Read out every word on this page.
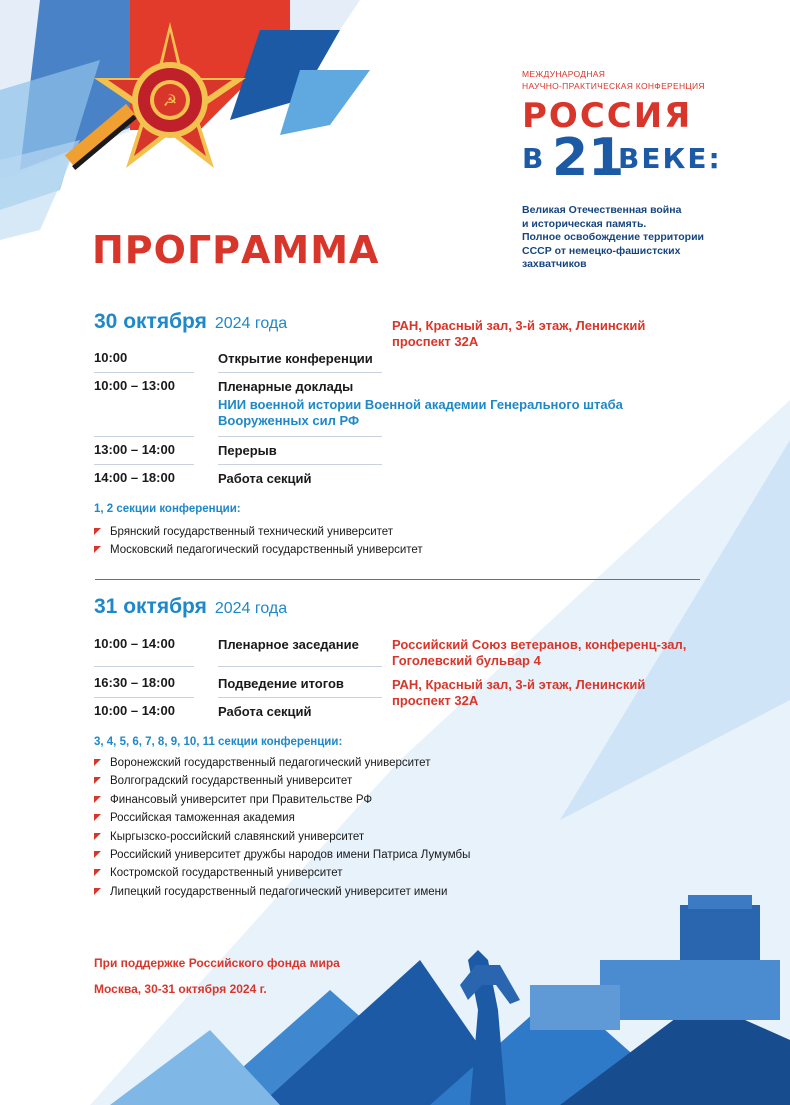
☭
МЕЖДУНАРОДНАЯ
НАУЧНО-ПРАКТИЧЕСКАЯ КОНФЕРЕНЦИЯ
РОССИЯ
В 21
ВЕКЕ:
Великая Отечественная война
и историческая память.
Полное освобождение территории
СССР от немецко-фашистских
захватчиков
ПРОГРАММА
30 октября 2024 года	РАН, Красный зал, 3-й этаж, Ленинский проспект 32А
10:00	Открытие конференции
10:00 – 13:00	Пленарные доклады
НИИ военной истории Военной академии Генерального штаба Вооруженных сил РФ
13:00 – 14:00	Перерыв
14:00 – 18:00	Работа секций
1, 2 секции конференции:
Брянский государственный технический университет
Московский педагогический государственный университет
31 октября 2024 года
10:00 – 14:00	Пленарное заседание	Российский Союз ветеранов, конференц-зал, Гоголевский бульвар 4
16:30 – 18:00	Подведение итогов	РАН, Красный зал, 3-й этаж, Ленинский проспект 32А
10:00 – 14:00	Работа секций
3, 4, 5, 6, 7, 8, 9, 10, 11 секции конференции:
Воронежский государственный педагогический университет
Волгоградский государственный университет
Финансовый университет при Правительстве РФ
Российская таможенная академия
Кыргызско-российский славянский университет
Российский университет дружбы народов имени Патриса Лумумбы
Костромской государственный университет
Липецкий государственный педагогический университет имени
При поддержке Российского фонда мира
Москва, 30-31 октября 2024 г.
